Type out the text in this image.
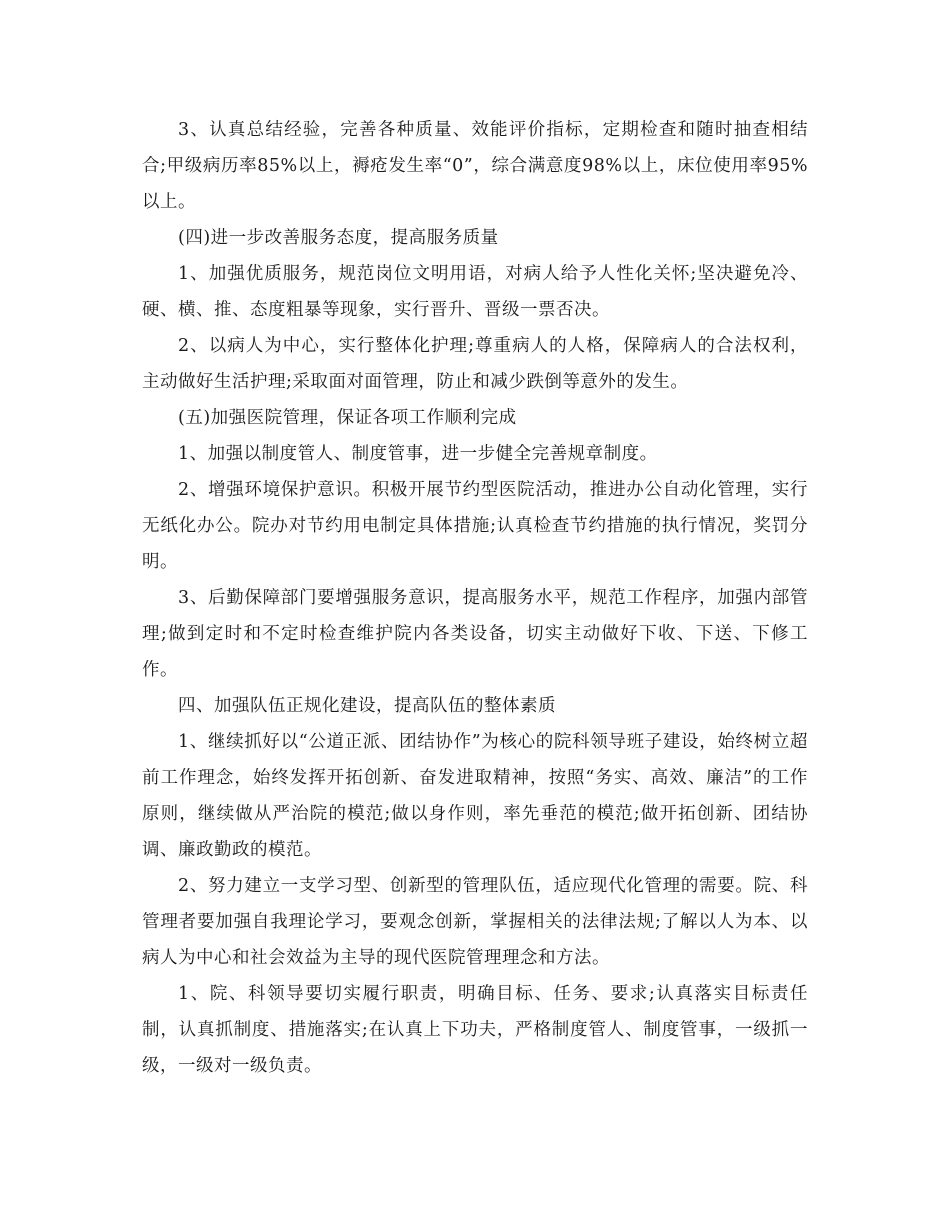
3、认真总结经验，完善各种质量、效能评价指标，定期检查和随时抽查相结合;甲级病历率85%以上，褥疮发生率“0”，综合满意度98%以上，床位使用率95%以上。

(四)进一步改善服务态度，提高服务质量

1、加强优质服务，规范岗位文明用语，对病人给予人性化关怀;坚决避免冷、硬、横、推、态度粗暴等现象，实行晋升、晋级一票否决。

2、以病人为中心，实行整体化护理;尊重病人的人格，保障病人的合法权利，主动做好生活护理;采取面对面管理，防止和减少跌倒等意外的发生。

(五)加强医院管理，保证各项工作顺利完成

1、加强以制度管人、制度管事，进一步健全完善规章制度。

2、增强环境保护意识。积极开展节约型医院活动，推进办公自动化管理，实行无纸化办公。院办对节约用电制定具体措施;认真检查节约措施的执行情况，奖罚分明。

3、后勤保障部门要增强服务意识，提高服务水平，规范工作程序，加强内部管理;做到定时和不定时检查维护院内各类设备，切实主动做好下收、下送、下修工作。

四、加强队伍正规化建设，提高队伍的整体素质

1、继续抓好以“公道正派、团结协作”为核心的院科领导班子建设，始终树立超前工作理念，始终发挥开拓创新、奋发进取精神，按照“务实、高效、廉洁”的工作原则，继续做从严治院的模范;做以身作则，率先垂范的模范;做开拓创新、团结协调、廉政勤政的模范。

2、努力建立一支学习型、创新型的管理队伍，适应现代化管理的需要。院、科管理者要加强自我理论学习，要观念创新，掌握相关的法律法规;了解以人为本、以病人为中心和社会效益为主导的现代医院管理理念和方法。

1、院、科领导要切实履行职责，明确目标、任务、要求;认真落实目标责任制，认真抓制度、措施落实;在认真上下功夫，严格制度管人、制度管事，一级抓一级，一级对一级负责。
